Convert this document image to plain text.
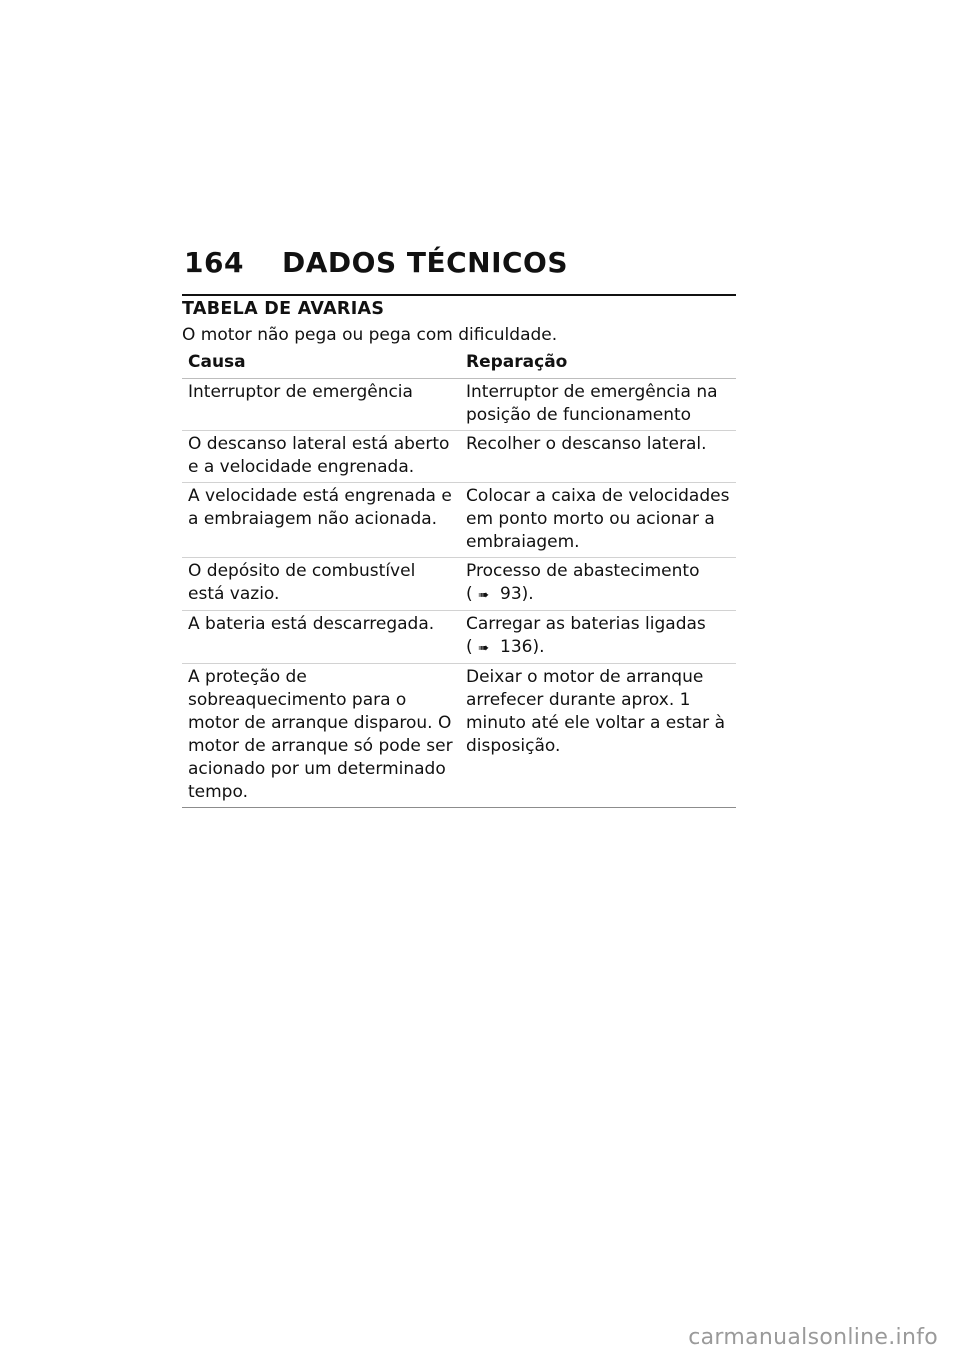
164	DADOS TÉCNICOS
TABELA DE AVARIAS
O motor não pega ou pega com dificuldade.
Causa	Reparação
Interruptor de emergência	Interruptor de emergência na posição de funcionamento
O descanso lateral está aberto e a velocidade engrenada.	Recolher o descanso lateral.
A velocidade está engrenada e a embraiagem não acionada.	Colocar a caixa de velocidades em ponto morto ou acionar a embraiagem.
O depósito de combustível está vazio.	Processo de abastecimento
( ➠ 93).

A bateria está descarregada.	Carregar as baterias ligadas
( ➠ 136).

A proteção de sobreaquecimento para o motor de arranque disparou. O motor de arranque só pode ser acionado por um determinado tempo.	Deixar o motor de arranque arrefecer durante aprox. 1 minuto até ele voltar a estar à disposição.
carmanualsonline.info
